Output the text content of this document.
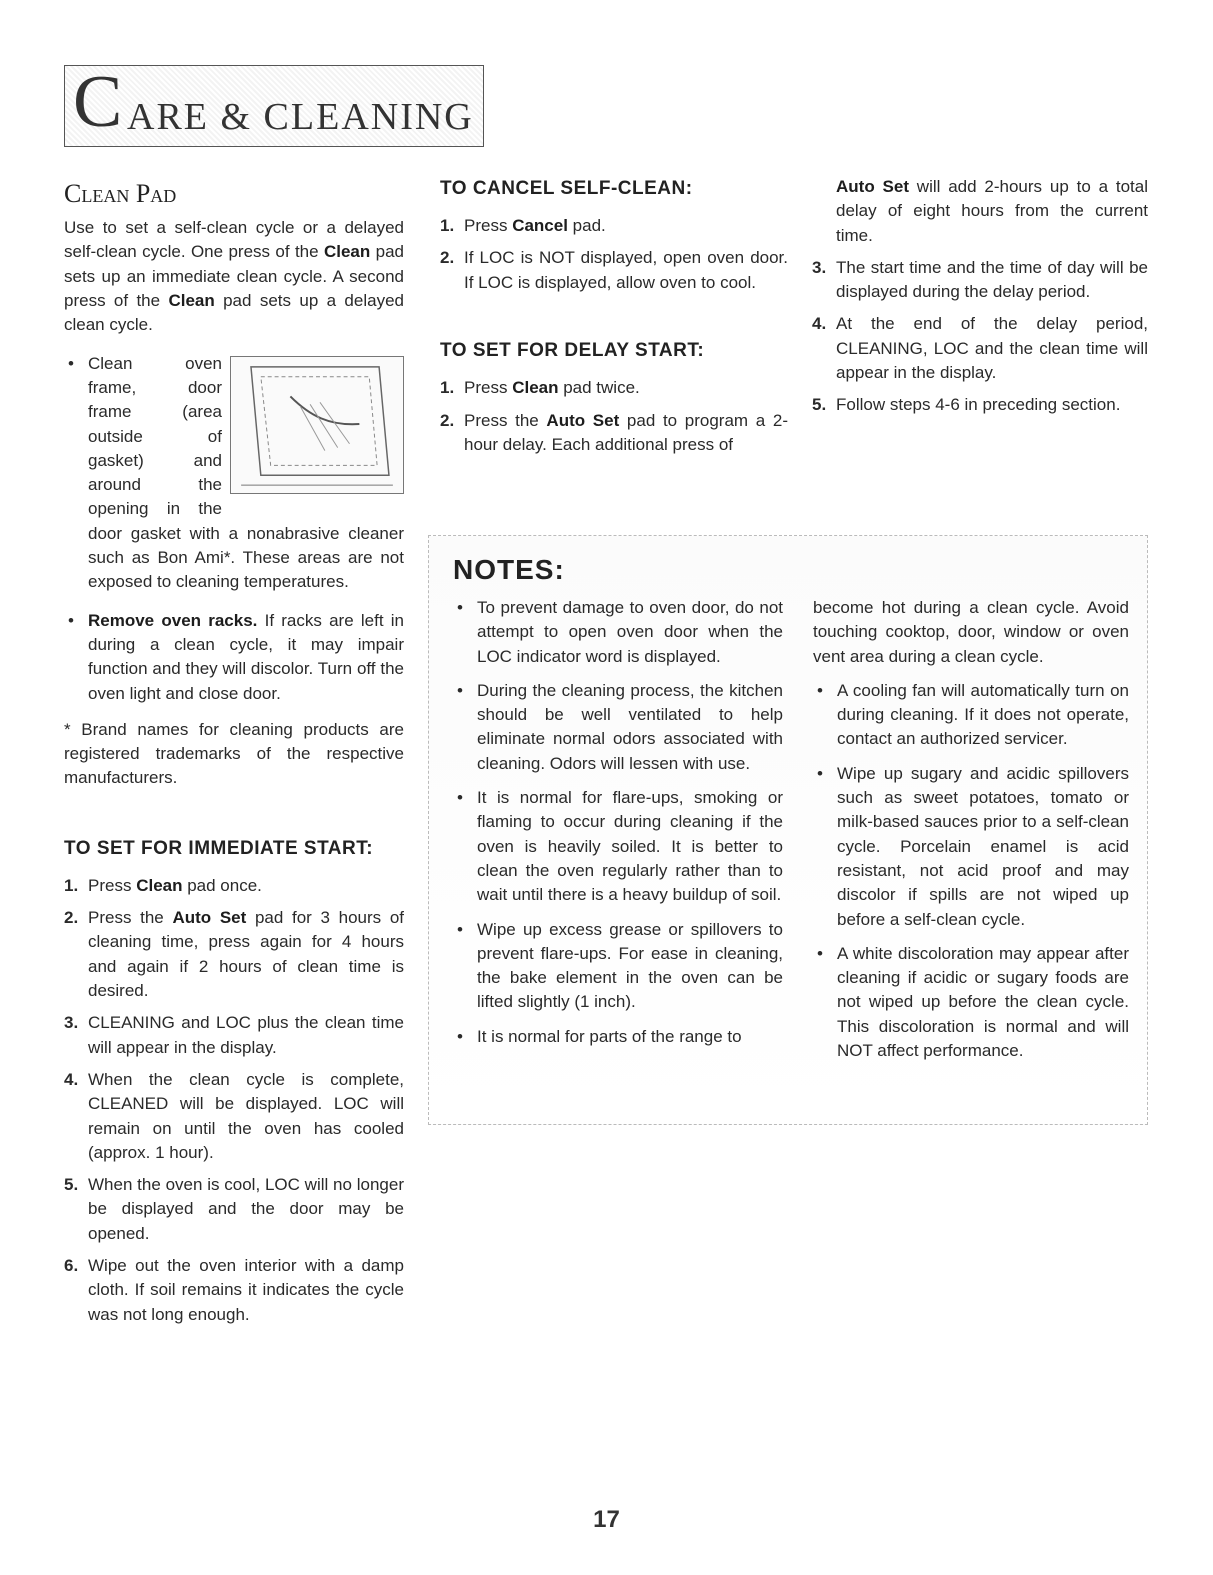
C ARE & CLEANING
Clean Pad

Use to set a self-clean cycle or a delayed self-clean cycle. One press of the Clean pad sets up an immediate clean cycle. A second press of the Clean pad sets up a delayed clean cycle.

• Clean oven frame, door frame (area outside of gasket) and around the opening in the door gasket with a nonabrasive cleaner such as Bon Ami*. These areas are not exposed to cleaning temperatures.
• Remove oven racks. If racks are left in during a clean cycle, it may impair function and they will discolor. Turn off the oven light and close door.

* Brand names for cleaning products are registered trademarks of the respective manufacturers.

TO SET FOR IMMEDIATE START:
1. Press Clean pad once.
2. Press the Auto Set pad for 3 hours of cleaning time, press again for 4 hours and again if 2 hours of clean time is desired.
3. CLEANING and LOC plus the clean time will appear in the display.
4. When the clean cycle is complete, CLEANED will be displayed. LOC will remain on until the oven has cooled (approx. 1 hour).
5. When the oven is cool, LOC will no longer be displayed and the door may be opened.
6. Wipe out the oven interior with a damp cloth. If soil remains it indicates the cycle was not long enough.
TO CANCEL SELF-CLEAN:
1. Press Cancel pad.
2. If LOC is NOT displayed, open oven door. If LOC is displayed, allow oven to cool.
TO SET FOR DELAY START:
1. Press Clean pad twice.
2. Press the Auto Set pad to program a 2-hour delay. Each additional press of
Auto Set will add 2-hours up to a total delay of eight hours from the current time.
3. The start time and the time of day will be displayed during the delay period.
4. At the end of the delay period, CLEANING, LOC and the clean time will appear in the display.
5. Follow steps 4-6 in preceding section.
NOTES:
• To prevent damage to oven door, do not attempt to open oven door when the LOC indicator word is displayed.
• During the cleaning process, the kitchen should be well ventilated to help eliminate normal odors associated with cleaning. Odors will lessen with use.
• It is normal for flare-ups, smoking or flaming to occur during cleaning if the oven is heavily soiled. It is better to clean the oven regularly rather than to wait until there is a heavy buildup of soil.
• Wipe up excess grease or spillovers to prevent flare-ups. For ease in cleaning, the bake element in the oven can be lifted slightly (1 inch).
• It is normal for parts of the range to

become hot during a clean cycle. Avoid touching cooktop, door, window or oven vent area during a clean cycle.

• A cooling fan will automatically turn on during cleaning. If it does not operate, contact an authorized servicer.
• Wipe up sugary and acidic spillovers such as sweet potatoes, tomato or milk-based sauces prior to a self-clean cycle. Porcelain enamel is acid resistant, not acid proof and may discolor if spills are not wiped up before a self-clean cycle.
• A white discoloration may appear after cleaning if acidic or sugary foods are not wiped up before the clean cycle. This discoloration is normal and will NOT affect performance.
17
